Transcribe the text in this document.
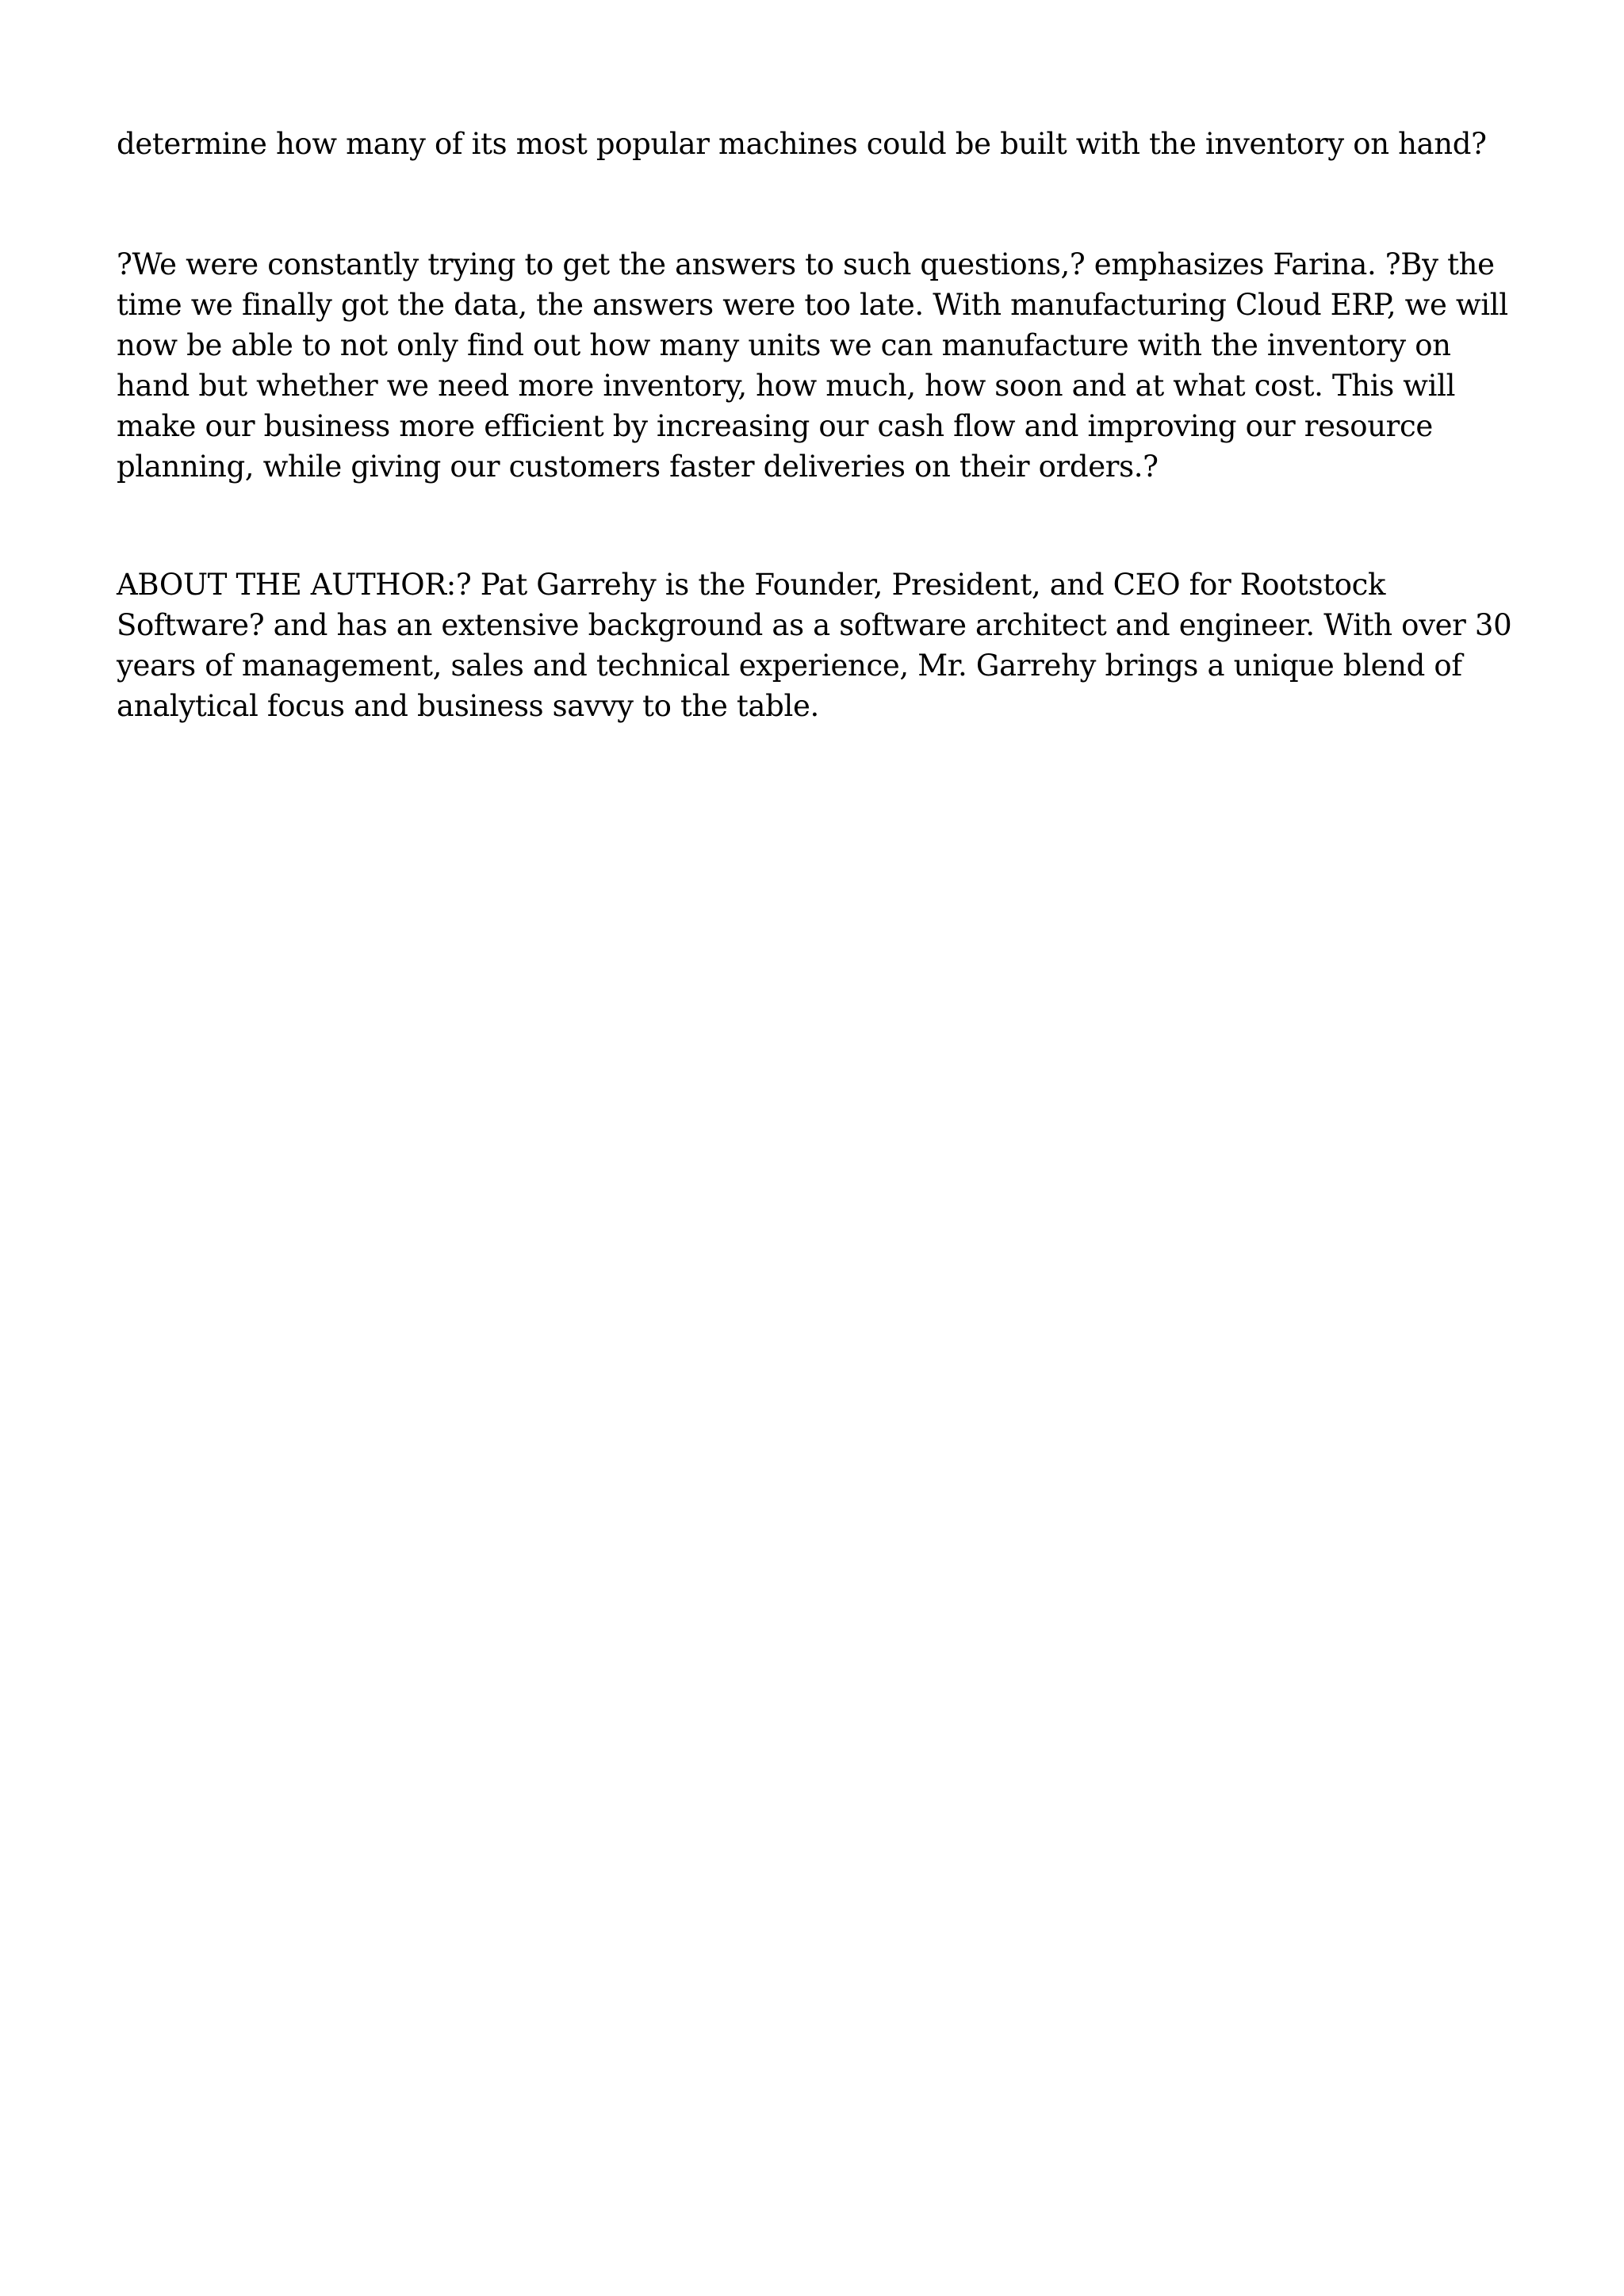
determine how many of its most popular machines could be built with the inventory on hand?

?We were constantly trying to get the answers to such questions,? emphasizes Farina. ?By the time we finally got the data, the answers were too late. With manufacturing Cloud ERP, we will now be able to not only find out how many units we can manufacture with the inventory on hand but whether we need more inventory, how much, how soon and at what cost. This will make our business more efficient by increasing our cash flow and improving our resource planning, while giving our customers faster deliveries on their orders.?

ABOUT THE AUTHOR:? Pat Garrehy is the Founder, President, and CEO for Rootstock Software? and has an extensive background as a software architect and engineer. With over 30 years of management, sales and technical experience, Mr. Garrehy brings a unique blend of analytical focus and business savvy to the table.
